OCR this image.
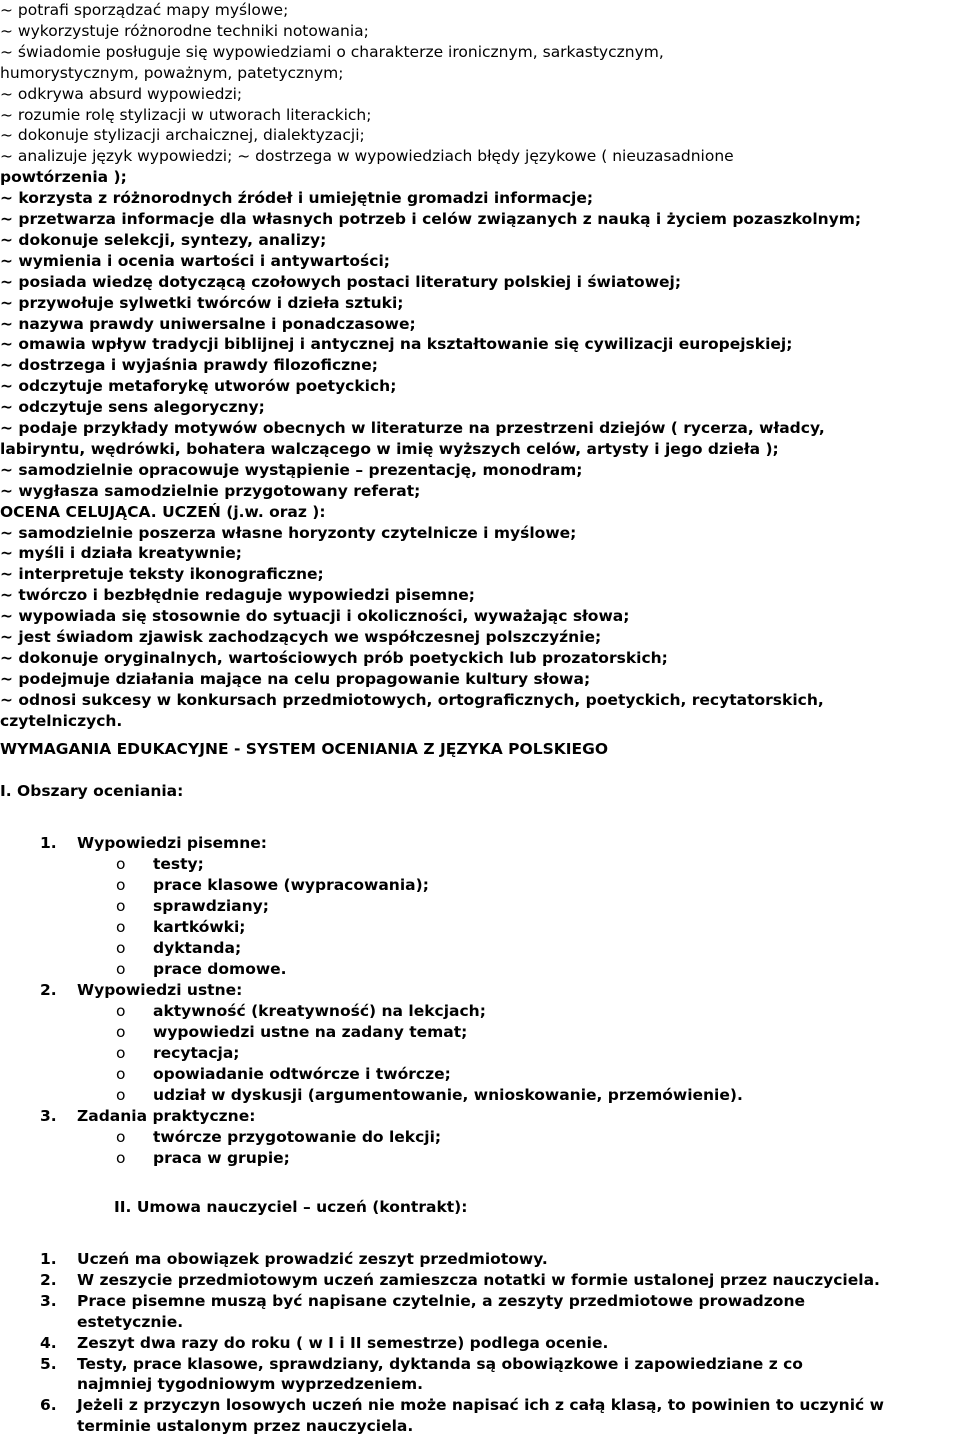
~ potrafi sporządzać mapy myślowe;
~ wykorzystuje różnorodne techniki notowania;
~ świadomie posługuje się wypowiedziami o charakterze ironicznym, sarkastycznym,
humorystycznym, poważnym, patetycznym;
~ odkrywa absurd wypowiedzi;
~ rozumie rolę stylizacji w utworach literackich;
~ dokonuje stylizacji archaicznej, dialektyzacji;
~ analizuje język wypowiedzi; ~ dostrzega w wypowiedziach błędy językowe ( nieuzasadnione
powtórzenia );
~ korzysta z różnorodnych źródeł i umiejętnie gromadzi informacje;
~ przetwarza informacje dla własnych potrzeb i celów związanych z nauką i życiem pozaszkolnym;
~ dokonuje selekcji, syntezy, analizy;
~ wymienia i ocenia wartości i antywartości;
~ posiada wiedzę dotyczącą czołowych postaci literatury polskiej i światowej;
~ przywołuje sylwetki twórców i dzieła sztuki;
~ nazywa prawdy uniwersalne i ponadczasowe;
~ omawia wpływ tradycji biblijnej i antycznej na kształtowanie się cywilizacji europejskiej;
~ dostrzega i wyjaśnia prawdy filozoficzne;
~ odczytuje metaforykę utworów poetyckich;
~ odczytuje sens alegoryczny;
~ podaje przykłady motywów obecnych w literaturze na przestrzeni dziejów ( rycerza, władcy,
labiryntu, wędrówki, bohatera walczącego w imię wyższych celów, artysty i jego dzieła );
~ samodzielnie opracowuje wystąpienie – prezentację, monodram;
~ wygłasza samodzielnie przygotowany referat;
OCENA CELUJĄCA. UCZEŃ (j.w. oraz ):
~ samodzielnie poszerza własne horyzonty czytelnicze i myślowe;
~ myśli i działa kreatywnie;
~ interpretuje teksty ikonograficzne;
~ twórczo i bezbłędnie redaguje wypowiedzi pisemne;
~ wypowiada się stosownie do sytuacji i okoliczności, wyważając słowa;
~ jest świadom zjawisk zachodzących we współczesnej polszczyźnie;
~ dokonuje oryginalnych, wartościowych prób poetyckich lub prozatorskich;
~ podejmuje działania mające na celu propagowanie kultury słowa;
~ odnosi sukcesy w konkursach przedmiotowych, ortograficznych, poetyckich, recytatorskich,
czytelniczych.
WYMAGANIA EDUKACYJNE - SYSTEM OCENIANIA Z JĘZYKA POLSKIEGO
I. Obszary oceniania:
1. Wypowiedzi pisemne:
o testy;
o prace klasowe (wypracowania);
o sprawdziany;
o kartkówki;
o dyktanda;
o prace domowe.
2. Wypowiedzi ustne:
o aktywność (kreatywność) na lekcjach;
o wypowiedzi ustne na zadany temat;
o recytacja;
o opowiadanie odtwórcze i twórcze;
o udział w dyskusji (argumentowanie, wnioskowanie, przemówienie).
3. Zadania praktyczne:
o twórcze przygotowanie do lekcji;
o praca w grupie;
II. Umowa nauczyciel – uczeń (kontrakt):
1. Uczeń ma obowiązek prowadzić zeszyt przedmiotowy.
2. W zeszycie przedmiotowym uczeń zamieszcza notatki w formie ustalonej przez nauczyciela.
3. Prace pisemne muszą być napisane czytelnie, a zeszyty przedmiotowe prowadzone
estetycznie.
4. Zeszyt dwa razy do roku ( w I i II semestrze) podlega ocenie.
5. Testy, prace klasowe, sprawdziany, dyktanda są obowiązkowe i zapowiedziane z co
najmniej tygodniowym wyprzedzeniem.
6. Jeżeli z przyczyn losowych uczeń nie może napisać ich z całą klasą, to powinien to uczynić w
terminie ustalonym przez nauczyciela.
